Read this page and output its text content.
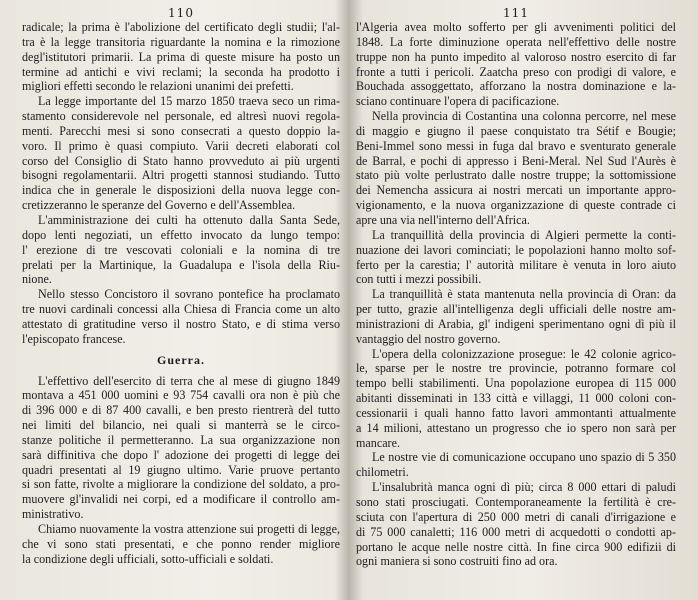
110
radicale; la prima è l'abolizione del certificato degli studii; l'al-
tra è la legge transitoria riguardante la nomina e la rimozione
degl'istitutori primarii. La prima di queste misure ha posto un
termine ad antichi e vivi reclami; la seconda ha prodotto i
migliori effetti secondo le relazioni unanimi dei prefetti.
La legge importante del 15 marzo 1850 traeva seco un rima-
stamento considerevole nel personale, ed altresì nuovi regola-
menti. Parecchi mesi si sono consecrati a questo doppio la-
voro. Il primo è quasi compiuto. Varii decreti elaborati col
corso del Consiglio di Stato hanno provveduto ai più urgenti
bisogni regolamentarii. Altri progetti stannosi studiando. Tutto
indica che in generale le disposizioni della nuova legge con-
cretizzeranno le speranze del Governo e dell'Assemblea.
L'amministrazione dei culti ha ottenuto dalla Santa Sede,
dopo lenti negoziati, un effetto invocato da lungo tempo:
l' erezione di tre vescovati coloniali e la nomina di tre
prelati per la Martinique, la Guadalupa e l'isola della Riu-
nione.
Nello stesso Concistoro il sovrano pontefice ha proclamato
tre nuovi cardinali concessi alla Chiesa di Francia come un alto
attestato di gratitudine verso il nostro Stato, e di stima verso
l'episcopato francese.
Guerra.
L'effettivo dell'esercito di terra che al mese di giugno 1849
montava a 451 000 uomini e 93 754 cavalli ora non è più che
di 396 000 e di 87 400 cavalli, e ben presto rientrerà del tutto
nei limiti del bilancio, nei quali si manterrà se le circo-
stanze politiche il permetteranno. La sua organizzazione non
sarà diffinitiva che dopo l' adozione dei progetti di legge dei
quadri presentati al 19 giugno ultimo. Varie pruove pertanto
si son fatte, rivolte a migliorare la condizione del soldato, a pro-
muovere gl'invalidi nei corpi, ed a modificare il controllo am-
ministrativo.
Chiamo nuovamente la vostra attenzione sui progetti di legge,
che vi sono stati presentati, e che ponno render migliore
la condizione degli ufficiali, sotto-ufficiali e soldati.
111
l'Algeria avea molto sofferto per gli avvenimenti politici del
1848. La forte diminuzione operata nell'effettivo delle nostre
truppe non ha punto impedito al valoroso nostro esercito di far
fronte a tutti i pericoli. Zaatcha preso con prodigi di valore, e
Bouchada assoggettato, afforzano la nostra dominazione e la-
sciano continuare l'opera di pacificazione.
Nella provincia di Costantina una colonna percorre, nel mese
di maggio e giugno il paese conquistato tra Sétif e Bougie;
Beni-Immel sono messi in fuga dal bravo e sventurato generale
de Barral, e pochi di appresso i Beni-Meral. Nel Sud l'Aurès è
stato più volte perlustrato dalle nostre truppe; la sottomissione
dei Nemencha assicura ai nostri mercati un importante appro-
vigionamento, e la nuova organizzazione di queste contrade ci
apre una via nell'interno dell'Africa.
La tranquillità della provincia di Algieri permette la conti-
nuazione dei lavori cominciati; le popolazioni hanno molto sof-
ferto per la carestia; l' autorità militare è venuta in loro aiuto
con tutti i mezzi possibili.
La tranquillità è stata mantenuta nella provincia di Oran: da
per tutto, grazie all'intelligenza degli ufficiali delle nostre am-
ministrazioni di Arabia, gl' indigeni sperimentano ogni dì più il
vantaggio del nostro governo.
L'opera della colonizzazione prosegue: le 42 colonie agrico-
le, sparse per le nostre tre provincie, potranno formare col
tempo belli stabilimenti. Una popolazione europea di 115 000
abitanti disseminati in 133 città e villaggi, 11 000 coloni con-
cessionarii i quali hanno fatto lavori ammontanti attualmente
a 14 milioni, attestano un progresso che io spero non sarà per
mancare.
Le nostre vie di comunicazione occupano uno spazio di 5 350
chilometri.
L'insalubrità manca ogni dì più; circa 8 000 ettari di paludi
sono stati prosciugati. Contemporaneamente la fertilità è cre-
sciuta con l'apertura di 250 000 metri di canali d'irrigazione e
di 75 000 canaletti; 116 000 metri di acquedotti o condotti ap-
portano le acque nelle nostre città. In fine circa 900 edifizii di
ogni maniera si sono costruiti fino ad ora.
